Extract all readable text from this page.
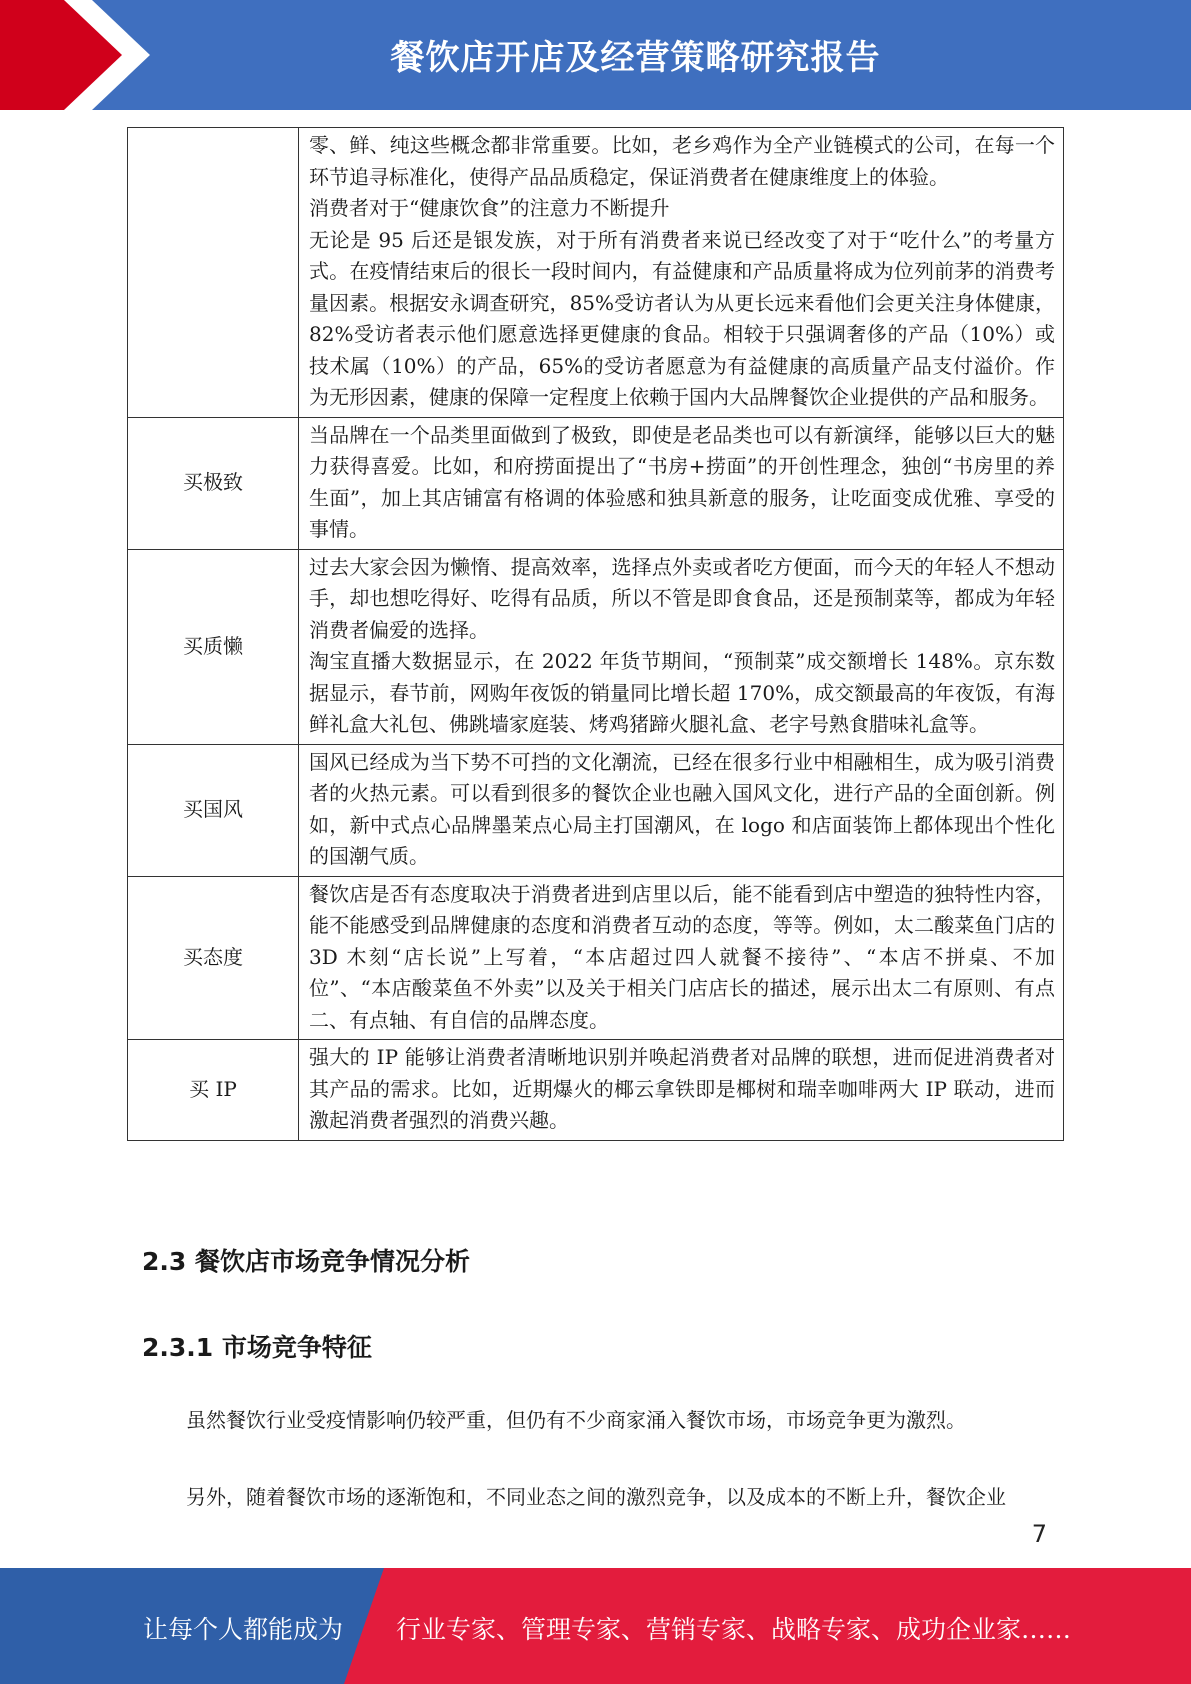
餐饮店开店及经营策略研究报告

	零、鲜、纯这些概念都非常重要。比如，老乡鸡作为全产业链模式的公司，在每一个环节追寻标准化，使得产品品质稳定，保证消费者在健康维度上的体验。

消费者对于“健康饮食”的注意力不断提升

无论是 95 后还是银发族，对于所有消费者来说已经改变了对于“吃什么”的考量方式。在疫情结束后的很长一段时间内，有益健康和产品质量将成为位列前茅的消费考量因素。根据安永调查研究，85%受访者认为从更长远来看他们会更关注身体健康，82%受访者表示他们愿意选择更健康的食品。相较于只强调奢侈的产品（10%）或技术属（10%）的产品，65%的受访者愿意为有益健康的高质量产品支付溢价。作为无形因素，健康的保障一定程度上依赖于国内大品牌餐饮企业提供的产品和服务。

买极致	当品牌在一个品类里面做到了极致，即使是老品类也可以有新演绎，能够以巨大的魅力获得喜爱。比如，和府捞面提出了“书房+捞面”的开创性理念，独创“书房里的养生面”，加上其店铺富有格调的体验感和独具新意的服务，让吃面变成优雅、享受的事情。

买质懒	过去大家会因为懒惰、提高效率，选择点外卖或者吃方便面，而今天的年轻人不想动手，却也想吃得好、吃得有品质，所以不管是即食食品，还是预制菜等，都成为年轻消费者偏爱的选择。

淘宝直播大数据显示，在 2022 年货节期间，“预制菜”成交额增长 148%。京东数据显示，春节前，网购年夜饭的销量同比增长超 170%，成交额最高的年夜饭，有海鲜礼盒大礼包、佛跳墙家庭装、烤鸡猪蹄火腿礼盒、老字号熟食腊味礼盒等。

买国风	国风已经成为当下势不可挡的文化潮流，已经在很多行业中相融相生，成为吸引消费者的火热元素。可以看到很多的餐饮企业也融入国风文化，进行产品的全面创新。例如，新中式点心品牌墨茉点心局主打国潮风，在 logo 和店面装饰上都体现出个性化的国潮气质。

买态度	餐饮店是否有态度取决于消费者进到店里以后，能不能看到店中塑造的独特性内容，能不能感受到品牌健康的态度和消费者互动的态度，等等。例如，太二酸菜鱼门店的 3D 木刻“店长说”上写着，“本店超过四人就餐不接待”、“本店不拼桌、不加位”、“本店酸菜鱼不外卖”以及关于相关门店店长的描述，展示出太二有原则、有点二、有点轴、有自信的品牌态度。

买 IP	强大的 IP 能够让消费者清晰地识别并唤起消费者对品牌的联想，进而促进消费者对其产品的需求。比如，近期爆火的椰云拿铁即是椰树和瑞幸咖啡两大 IP 联动，进而激起消费者强烈的消费兴趣。

2.3 餐饮店市场竞争情况分析
2.3.1 市场竞争特征
虽然餐饮行业受疫情影响仍较严重，但仍有不少商家涌入餐饮市场，市场竞争更为激烈。
另外，随着餐饮市场的逐渐饱和，不同业态之间的激烈竞争，以及成本的不断上升，餐饮企业
7
让每个人都能成为 行业专家、管理专家、营销专家、战略专家、成功企业家……
